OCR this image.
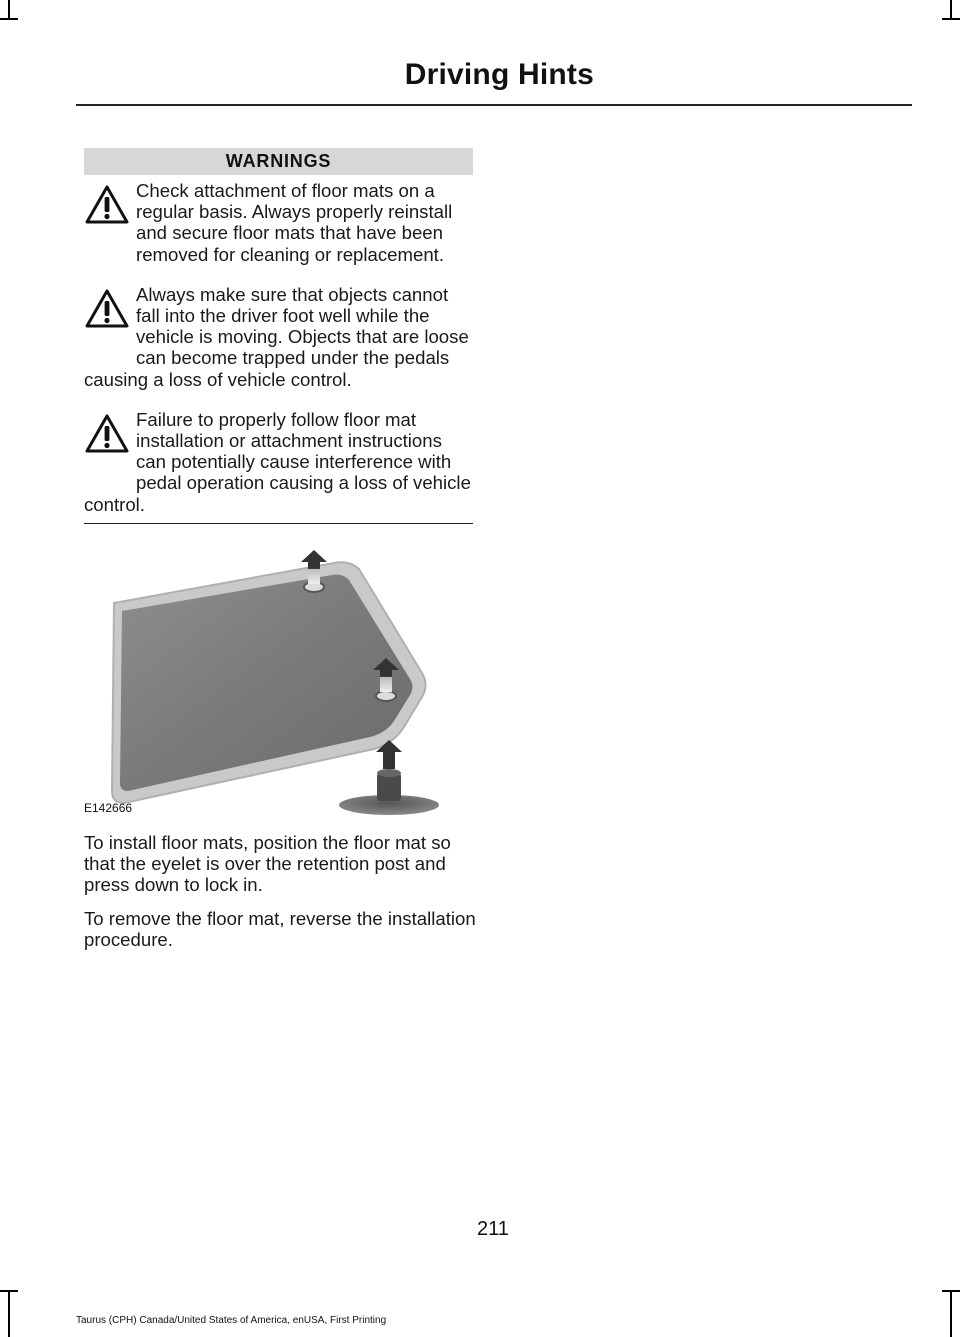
Driving Hints
WARNINGS

Check attachment of floor mats on a regular basis. Always properly reinstall and secure floor mats that have been removed for cleaning or replacement.

Always make sure that objects cannot fall into the driver foot well while the vehicle is moving. Objects that are loose can become trapped under the pedals causing a loss of vehicle control.

Failure to properly follow floor mat installation or attachment instructions can potentially cause interference with pedal operation causing a loss of vehicle control.

E142666

To install floor mats, position the floor mat so that the eyelet is over the retention post and press down to lock in.

To remove the floor mat, reverse the installation procedure.

211
Taurus (CPH) Canada/United States of America, enUSA, First Printing
